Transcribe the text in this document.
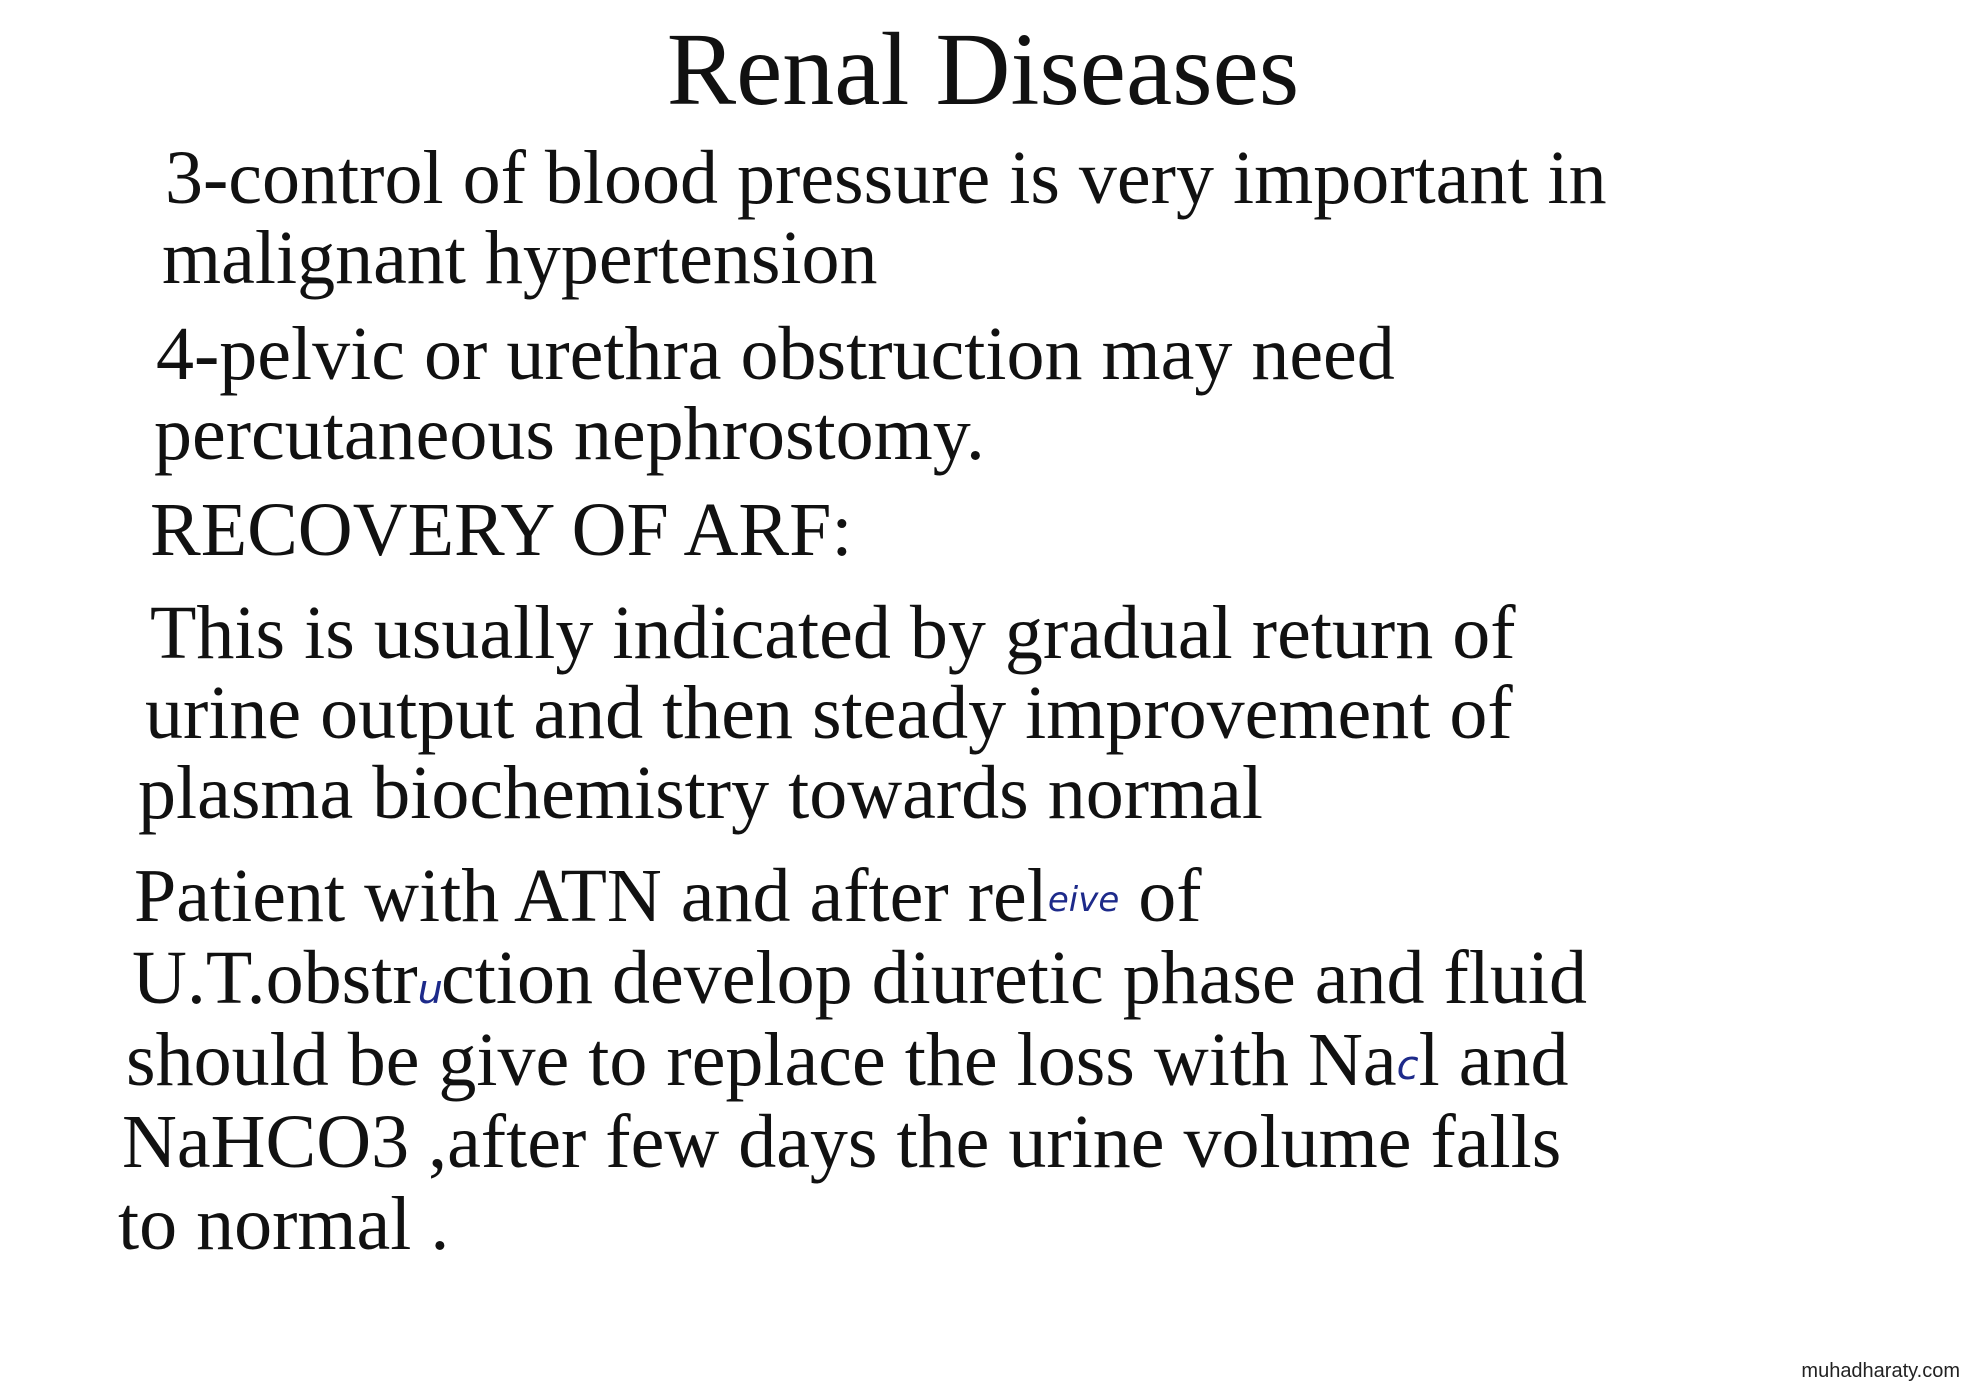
Renal Diseases
3-control of blood pressure is very important in
malignant hypertension
4-pelvic or urethra obstruction may need
percutaneous nephrostomy.
RECOVERY OF ARF:
This is usually indicated by gradual return of
urine output and then steady improvement of
plasma biochemistry towards normal
Patient with ATN and after releive of
U.T.obstruction develop diuretic phase and fluid
should be give to replace the loss with Nacl and
NaHCO3 ,after few days the urine volume falls
to normal .
muhadharaty.com
